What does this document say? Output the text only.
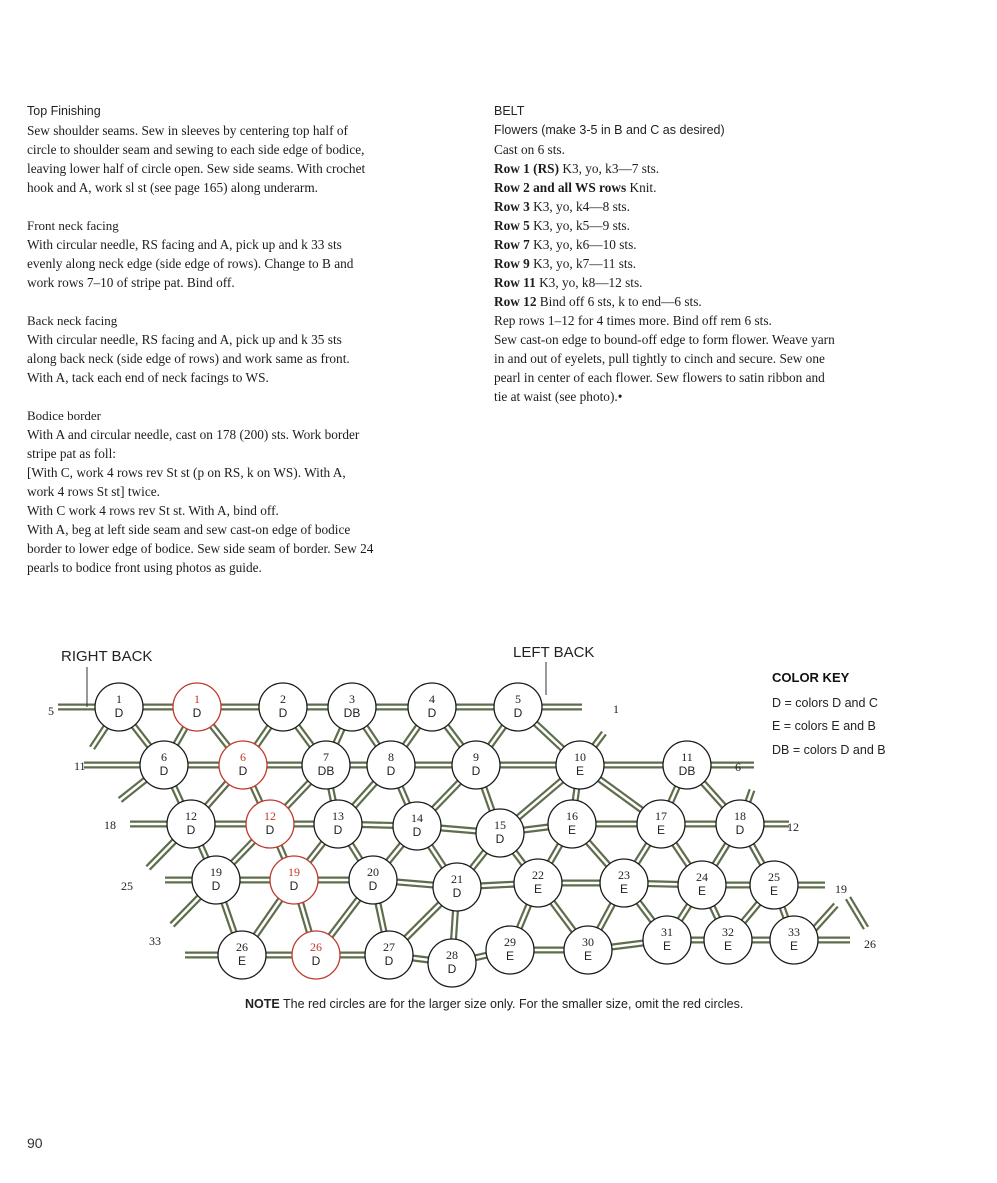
Top Finishing
Sew shoulder seams. Sew in sleeves by centering top half of
circle to shoulder seam and sewing to each side edge of bodice,
leaving lower half of circle open. Sew side seams. With crochet
hook and A, work sl st (see page 165) along underarm.
Front neck facing
With circular needle, RS facing and A, pick up and k 33 sts
evenly along neck edge (side edge of rows). Change to B and
work rows 7–10 of stripe pat. Bind off.
Back neck facing
With circular needle, RS facing and A, pick up and k 35 sts
along back neck (side edge of rows) and work same as front.
With A, tack each end of neck facings to WS.
Bodice border
With A and circular needle, cast on 178 (200) sts. Work border
stripe pat as foll:
[With C, work 4 rows rev St st (p on RS, k on WS). With A,
work 4 rows St st] twice.
With C work 4 rows rev St st. With A, bind off.
With A, beg at left side seam and sew cast-on edge of bodice
border to lower edge of bodice. Sew side seam of border. Sew 24
pearls to bodice front using photos as guide.
BELT
Flowers (make 3-5 in B and C as desired)
Cast on 6 sts.
Row 1 (RS) K3, yo, k3—7 sts.
Row 2 and all WS rows Knit.
Row 3 K3, yo, k4—8 sts.
Row 5 K3, yo, k5—9 sts.
Row 7 K3, yo, k6—10 sts.
Row 9 K3, yo, k7—11 sts.
Row 11 K3, yo, k8—12 sts.
Row 12 Bind off 6 sts, k to end—6 sts.
Rep rows 1–12 for 4 times more. Bind off rem 6 sts.
Sew cast-on edge to bound-off edge to form flower. Weave yarn
in and out of eyelets, pull tightly to cinch and secure. Sew one
pearl in center of each flower. Sew flowers to satin ribbon and
tie at waist (see photo).•
1
D
1
D
2
D
3
DB
4
D
5
D
6
D
6
D
7
DB
8
D
9
D
10
E
11
DB
12
D
12
D
13
D
14
D	15
D
16
E
17
E
18
D
19
D
19
D
20
D	21
D
22
E
23
E
24
E
25
E
26
E
26
D
27
D	28
D
29
E
30
E
31
E
32
E
33
E
5
11
18
25
33
1
6
12
19
26
RIGHT BACK	LEFT BACK
COLOR KEY
D = colors D and C
E = colors E and B
DB = colors D and B
NOTE The red circles are for the larger size only. For the smaller size, omit the red circles.
90
